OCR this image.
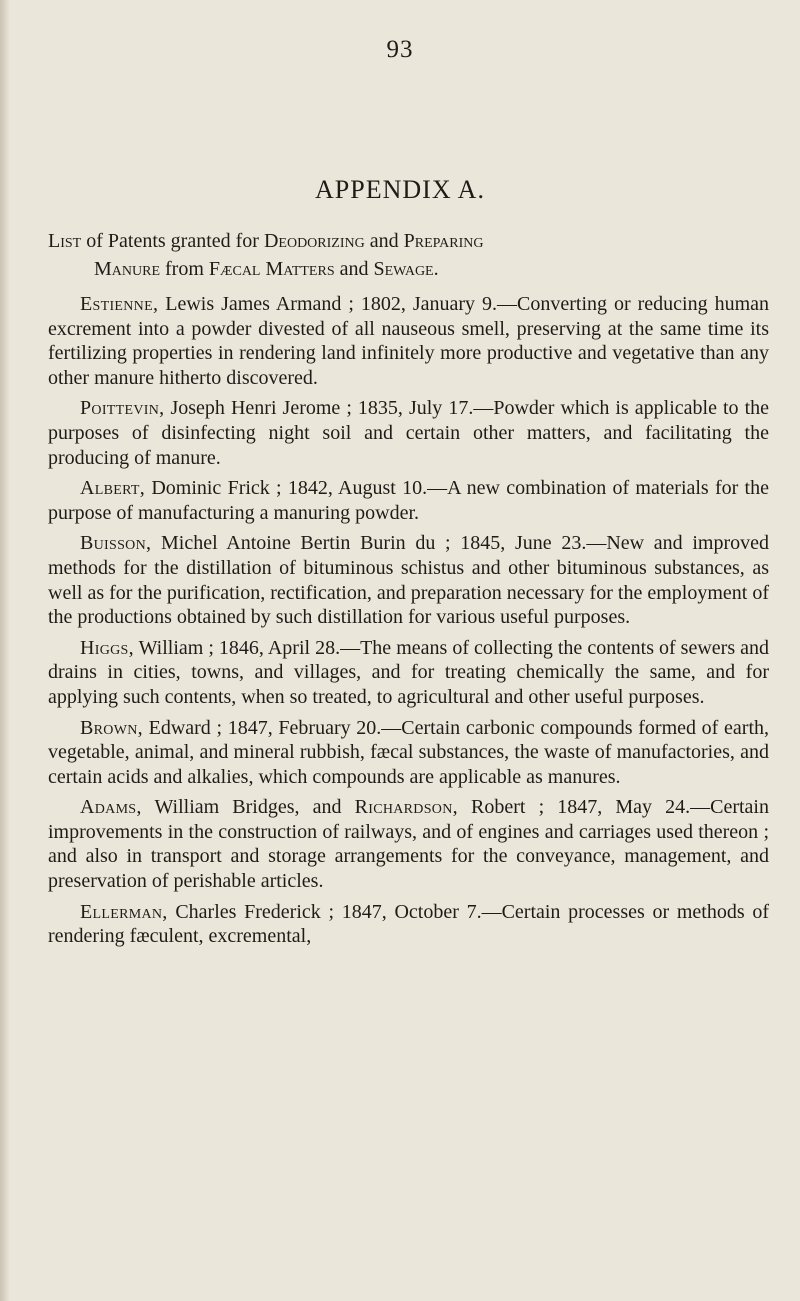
93
APPENDIX A.
List of Patents granted for Deodorizing and Preparing
Manure from Fæcal Matters and Sewage.

Estienne, Lewis James Armand ; 1802, January 9.—Converting or reducing human excrement into a powder divested of all nauseous smell, preserving at the same time its fertilizing properties in rendering land infinitely more productive and vegetative than any other manure hitherto discovered.

Poittevin, Joseph Henri Jerome ; 1835, July 17.—Powder which is applicable to the purposes of disinfecting night soil and certain other matters, and facilitating the producing of manure.

Albert, Dominic Frick ; 1842, August 10.—A new combination of materials for the purpose of manufacturing a manuring powder.

Buisson, Michel Antoine Bertin Burin du ; 1845, June 23.—New and improved methods for the distillation of bituminous schistus and other bituminous substances, as well as for the purification, rectification, and preparation necessary for the employment of the productions obtained by such distillation for various useful purposes.

Higgs, William ; 1846, April 28.—The means of collecting the contents of sewers and drains in cities, towns, and villages, and for treating chemically the same, and for applying such contents, when so treated, to agricultural and other useful purposes.

Brown, Edward ; 1847, February 20.—Certain carbonic compounds formed of earth, vegetable, animal, and mineral rubbish, fæcal substances, the waste of manufactories, and certain acids and alkalies, which compounds are applicable as manures.

Adams, William Bridges, and Richardson, Robert ; 1847, May 24.—Certain improvements in the construction of railways, and of engines and carriages used thereon ; and also in transport and storage arrangements for the conveyance, management, and preservation of perishable articles.

Ellerman, Charles Frederick ; 1847, October 7.—Certain processes or methods of rendering fæculent, excremental,
